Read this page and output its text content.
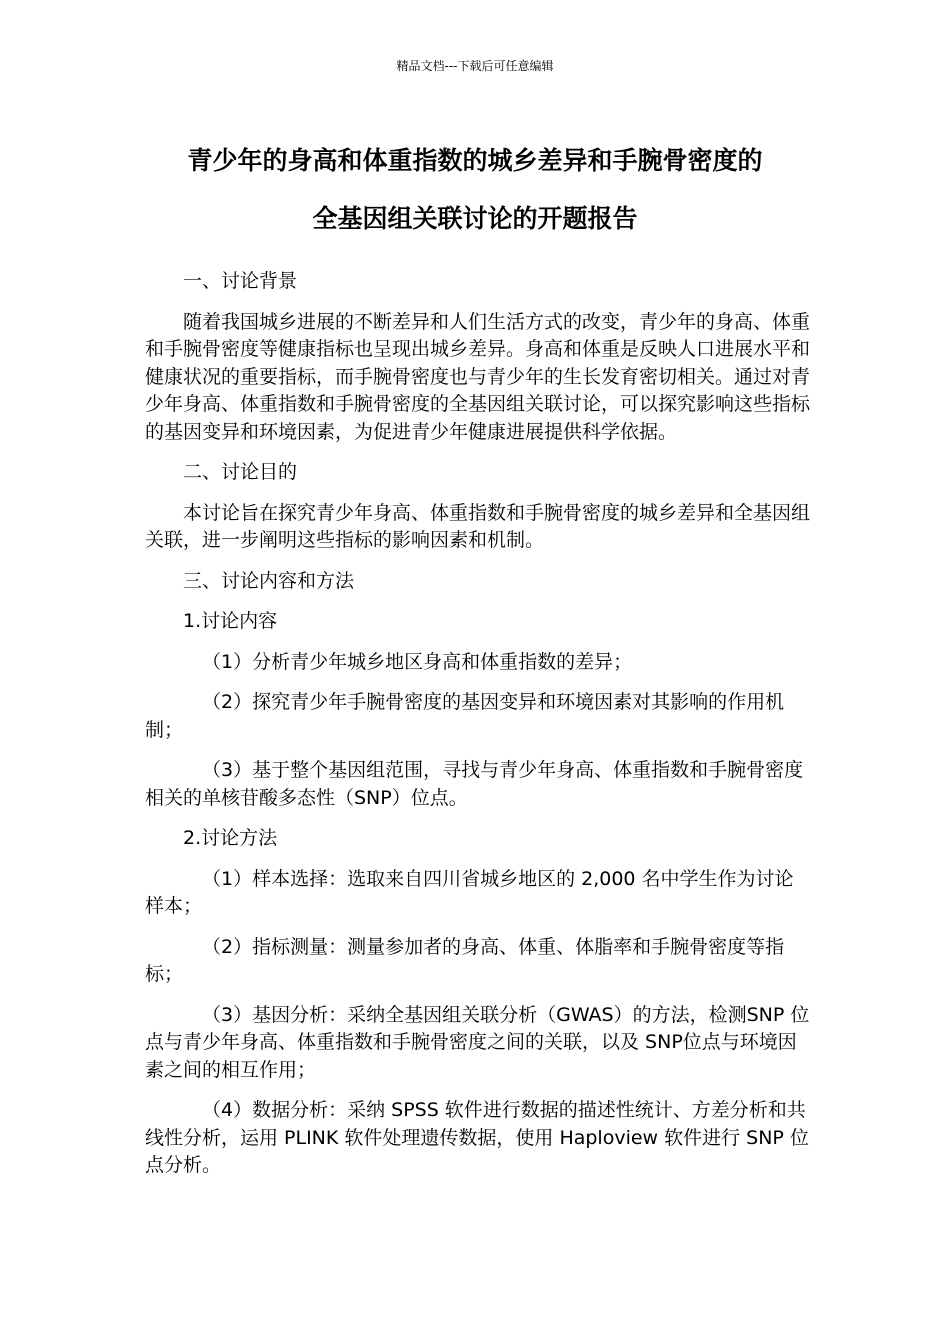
精品文档---下载后可任意编辑
青少年的身高和体重指数的城乡差异和手腕骨密度的
全基因组关联讨论的开题报告

一、讨论背景

随着我国城乡进展的不断差异和人们生活方式的改变，青少年的身高、体重和手腕骨密度等健康指标也呈现出城乡差异。身高和体重是反映人口进展水平和健康状况的重要指标，而手腕骨密度也与青少年的生长发育密切相关。通过对青少年身高、体重指数和手腕骨密度的全基因组关联讨论，可以探究影响这些指标的基因变异和环境因素，为促进青少年健康进展提供科学依据。

二、讨论目的

本讨论旨在探究青少年身高、体重指数和手腕骨密度的城乡差异和全基因组关联，进一步阐明这些指标的影响因素和机制。

三、讨论内容和方法

1.讨论内容

（1）分析青少年城乡地区身高和体重指数的差异；

（2）探究青少年手腕骨密度的基因变异和环境因素对其影响的作用机制；

（3）基于整个基因组范围，寻找与青少年身高、体重指数和手腕骨密度相关的单核苷酸多态性（SNP）位点。

2.讨论方法

（1）样本选择：选取来自四川省城乡地区的 2,000 名中学生作为讨论样本；

（2）指标测量：测量参加者的身高、体重、体脂率和手腕骨密度等指标；

（3）基因分析：采纳全基因组关联分析（GWAS）的方法，检测SNP 位点与青少年身高、体重指数和手腕骨密度之间的关联，以及 SNP位点与环境因素之间的相互作用；

（4）数据分析：采纳 SPSS 软件进行数据的描述性统计、方差分析和共线性分析，运用 PLINK 软件处理遗传数据，使用 Haploview 软件进行 SNP 位点分析。
